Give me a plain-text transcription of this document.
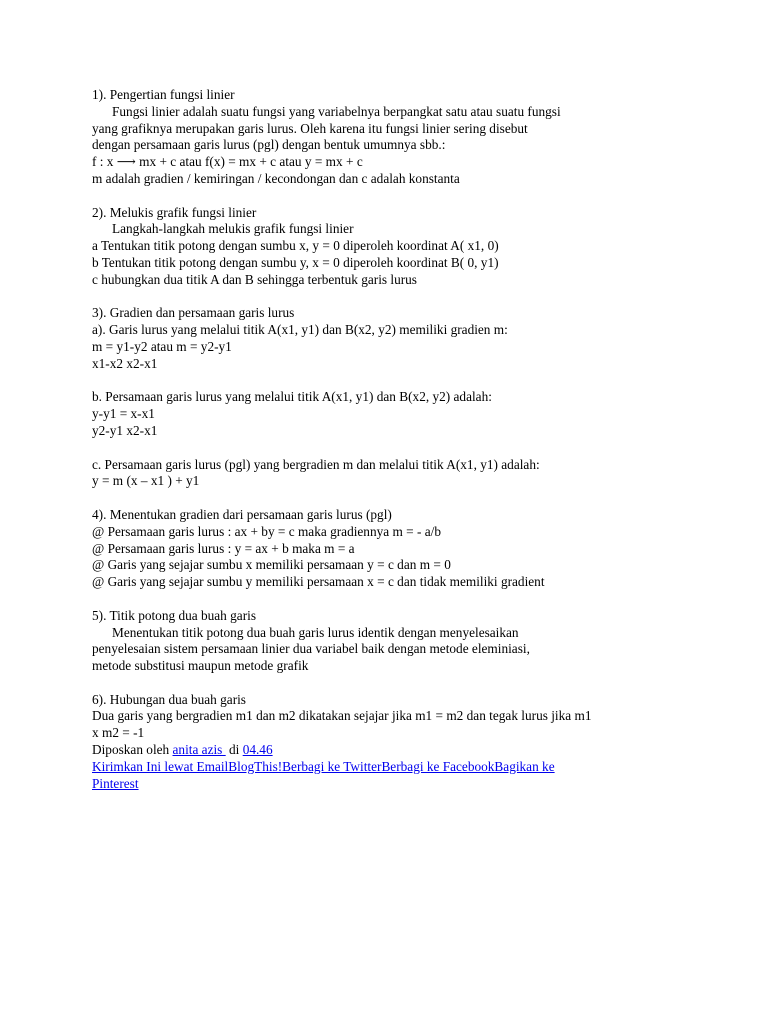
1). Pengertian fungsi linier
Fungsi linier adalah suatu fungsi yang variabelnya berpangkat satu atau suatu fungsi
yang grafiknya merupakan garis lurus. Oleh karena itu fungsi linier sering disebut
dengan persamaan garis lurus (pgl) dengan bentuk umumnya sbb.:
f : x ⟶ mx + c atau f(x) = mx + c atau y = mx + c
m adalah gradien / kemiringan / kecondongan dan c adalah konstanta
2). Melukis grafik fungsi linier
Langkah-langkah melukis grafik fungsi linier
a Tentukan titik potong dengan sumbu x, y = 0 diperoleh koordinat A( x1, 0)
b Tentukan titik potong dengan sumbu y, x = 0 diperoleh koordinat B( 0, y1)
c hubungkan dua titik A dan B sehingga terbentuk garis lurus
3). Gradien dan persamaan garis lurus
a). Garis lurus yang melalui titik A(x1, y1) dan B(x2, y2) memiliki gradien m:
m = y1-y2 atau m = y2-y1
x1-x2 x2-x1
b. Persamaan garis lurus yang melalui titik A(x1, y1) dan B(x2, y2) adalah:
y-y1 = x-x1
y2-y1 x2-x1
c. Persamaan garis lurus (pgl) yang bergradien m dan melalui titik A(x1, y1) adalah:
y = m (x – x1 ) + y1
4). Menentukan gradien dari persamaan garis lurus (pgl)
@ Persamaan garis lurus : ax + by = c maka gradiennya m = - a/b
@ Persamaan garis lurus : y = ax + b maka m = a
@ Garis yang sejajar sumbu x memiliki persamaan y = c dan m = 0
@ Garis yang sejajar sumbu y memiliki persamaan x = c dan tidak memiliki gradient
5). Titik potong dua buah garis
Menentukan titik potong dua buah garis lurus identik dengan menyelesaikan
penyelesaian sistem persamaan linier dua variabel baik dengan metode eleminiasi,
metode substitusi maupun metode grafik
6). Hubungan dua buah garis
Dua garis yang bergradien m1 dan m2 dikatakan sejajar jika m1 = m2 dan tegak lurus jika m1
x m2 = -1
Diposkan oleh anita azis  di 04.46
Kirimkan Ini lewat EmailBlogThis!Berbagi ke TwitterBerbagi ke FacebookBagikan ke
Pinterest
